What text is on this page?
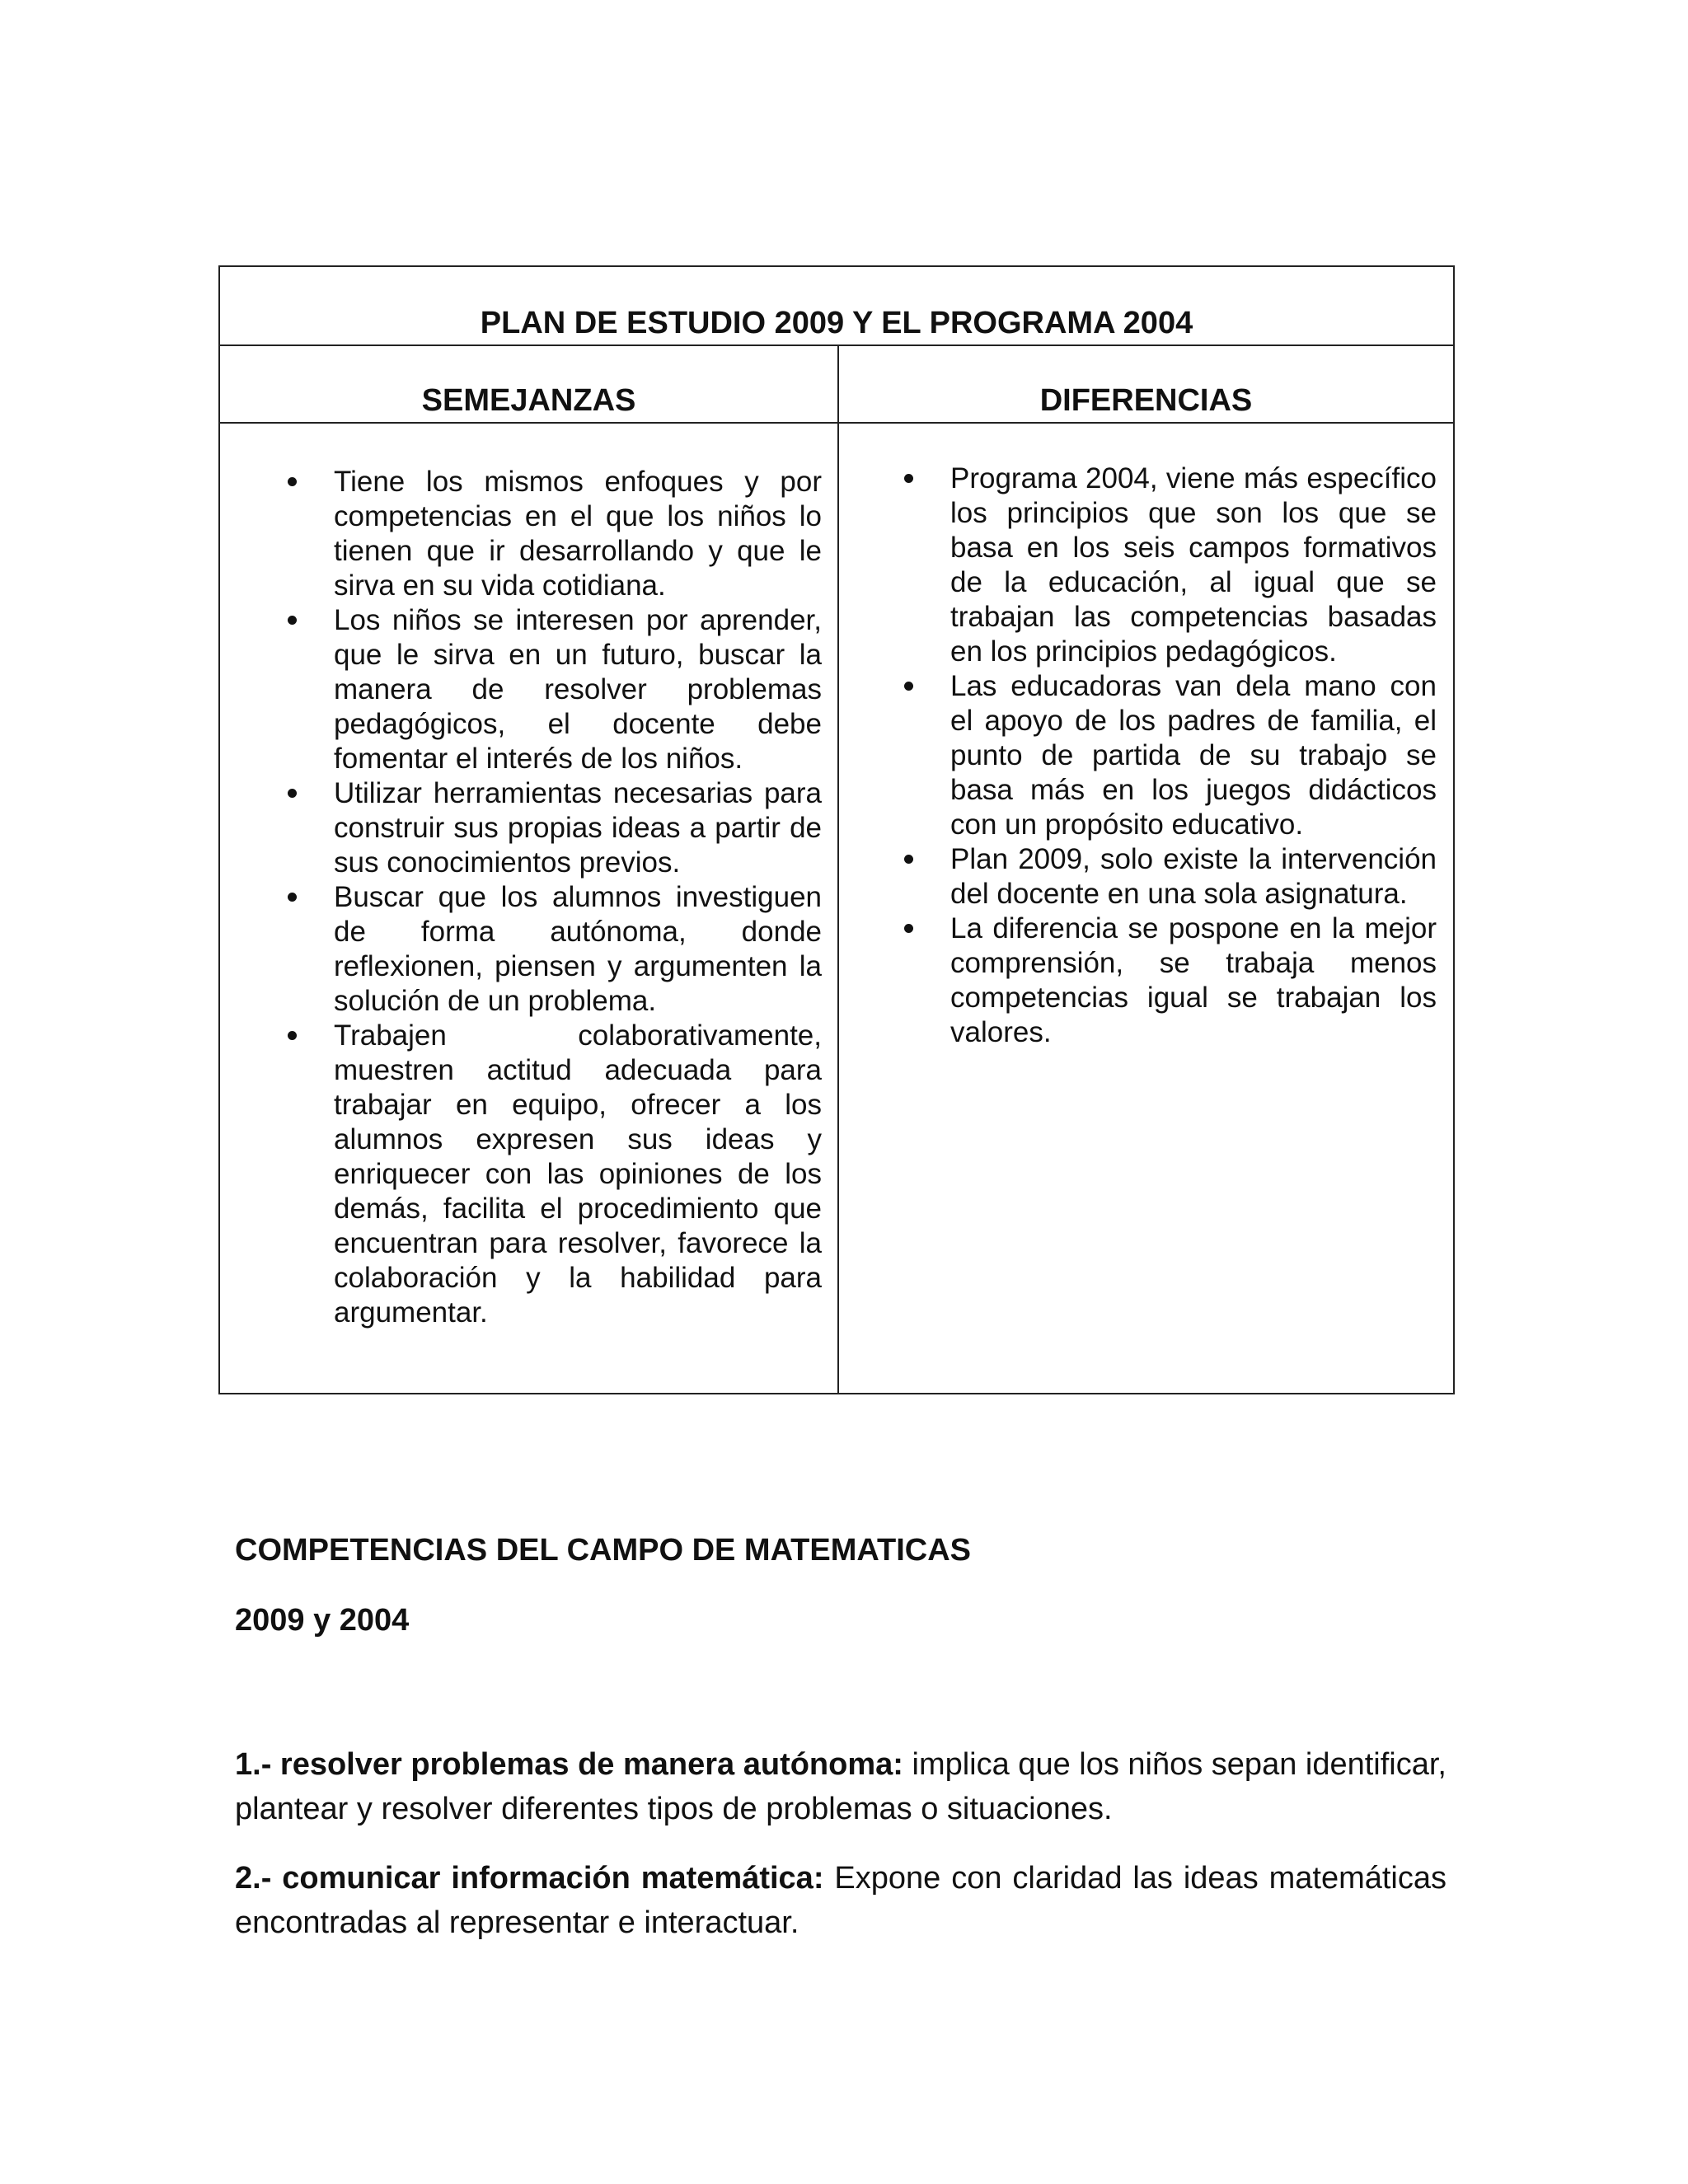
PLAN DE ESTUDIO 2009 Y EL PROGRAMA 2004
SEMEJANZAS	DIFERENCIAS
Tiene los mismos enfoques y por competencias en el que los niños lo tienen que ir desarrollando y que le sirva en su vida cotidiana.
Los niños se interesen por aprender, que le sirva en un futuro, buscar la manera de resolver problemas pedagógicos, el docente debe fomentar el interés de los niños.
Utilizar herramientas necesarias para construir sus propias ideas a partir de sus conocimientos previos.
Buscar que los alumnos investiguen de forma autónoma, donde reflexionen, piensen y argumenten la solución de un problema.
Trabajen colaborativamente, muestren actitud adecuada para trabajar en equipo, ofrecer a los alumnos expresen sus ideas y enriquecer con las opiniones de los demás, facilita el procedimiento que encuentran para resolver, favorece la colaboración y la habilidad para argumentar.
Programa 2004, viene más específico los principios que son los que se basa en los seis campos formativos de la educación, al igual que se trabajan las competencias basadas en los principios pedagógicos.
Las educadoras van dela mano con el apoyo de los padres de familia, el punto de partida de su trabajo se basa más en los juegos didácticos con un propósito educativo.
Plan 2009, solo existe la intervención del docente en una sola asignatura.
La diferencia se pospone en la mejor comprensión, se trabaja menos competencias igual se trabajan los valores.
COMPETENCIAS DEL CAMPO DE MATEMATICAS
2009 y 2004

1.- resolver problemas de manera autónoma: implica que los niños sepan identificar, plantear y resolver diferentes tipos de problemas o situaciones.

2.- comunicar información matemática: Expone con claridad las ideas matemáticas encontradas al representar e interactuar.
